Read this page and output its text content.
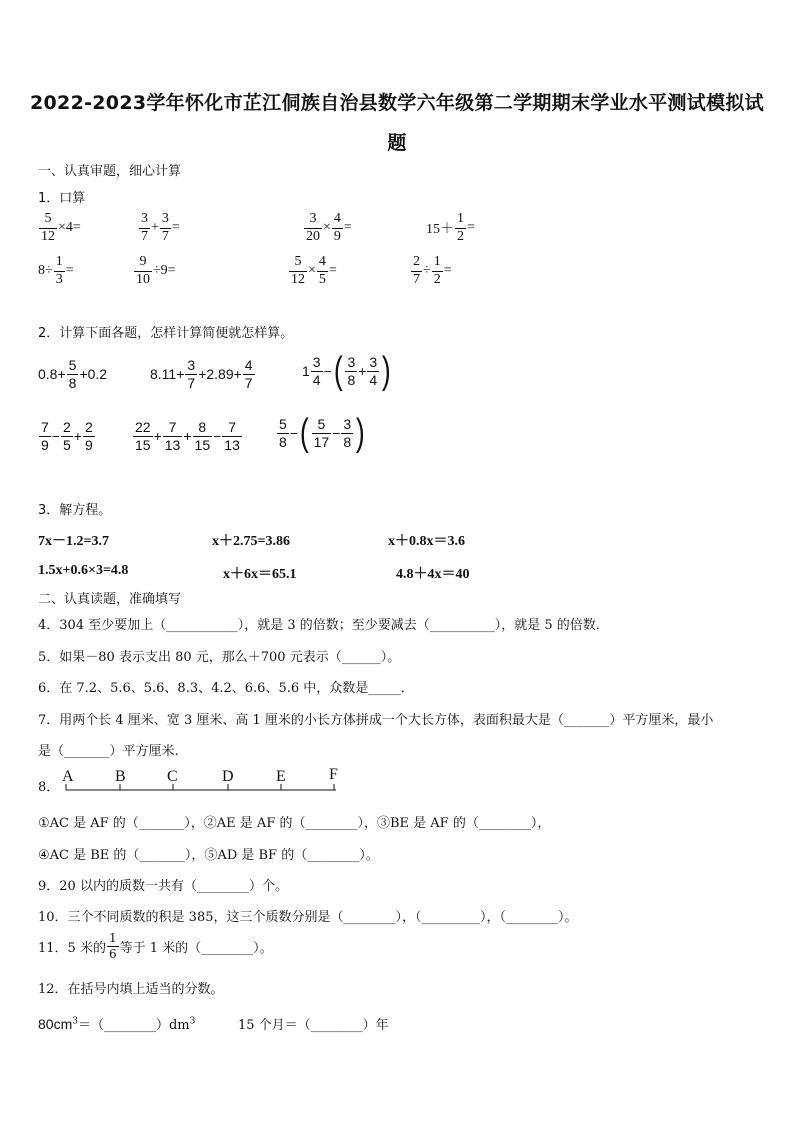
2022-2023学年怀化市芷江侗族自治县数学六年级第二学期期末学业水平测试模拟试
题
一、认真审题，细心计算
1．口算
$\frac{5}{12} \times 4=$	$\frac{3}{7} + \frac{3}{7}$ =	$\frac{3}{20} \times \frac{4}{9}$ =	$15+ \frac{1}{2}$ =
$8\div \frac{1}{3}$ =	$\frac{9}{10} \div 9=$	$\frac{5}{12} \times \frac{4}{5}$ =	$\frac{2}{7} \div \frac{1}{2}$ =
2．计算下面各题，怎样计算简便就怎样算。
$0.8+ \frac{5}{8} +0.2$	$8.11+ \frac{3}{7} +2.89+ \frac{4}{7}$	$1 \frac{3}{4}$ −( $\frac{3}{8} + \frac{3}{4}$ )
$\frac{7}{9} - \frac{2}{5} + \frac{2}{9}$	$\frac{22}{15} + \frac{7}{13} + \frac{8}{15} - \frac{7}{13}$	$\frac{5}{8}$ −( $\frac{5}{17} - \frac{3}{8}$ )
3．解方程。
7x－1.2=3.7	x＋2.75=3.86	x＋0.8x＝3.6
1.5x+0.6×3=4.8	x＋6x＝65.1	4.8＋4x＝40
二、认真读题，准确填写
4．304 至少要加上（___________），就是 3 的倍数；至少要减去（__________），就是 5 的倍数．
5．如果－80 表示支出 80 元，那么＋700 元表示（______）。
6．在 7.2、5.6、5.6、8.3、4.2、6.6、5.6 中，众数是_____．
7．用两个长 4 厘米、宽 3 厘米、高 1 厘米的小长方体拼成一个大长方体，表面积最大是（_______）平方厘米，最小
是（_______）平方厘米.
8．
A	B	C	D	E	F
①AC 是 AF 的（_______），②AE 是 AF 的（________），③BE 是 AF 的（________），
④AC 是 BE 的（_______），⑤AD 是 BF 的（________）。
9．20 以内的质数一共有（________）个。
10．三个不同质数的积是 385，这三个质数分别是（________），（_________），（________）。
11．5 米的 $\frac{1}{6}$ 等于 1 米的（________）。
12．在括号内填上适当的分数。
$80cm^3=(\_\_\_\_\_\_\_\_)dm^3$	15 个月＝（________）年
